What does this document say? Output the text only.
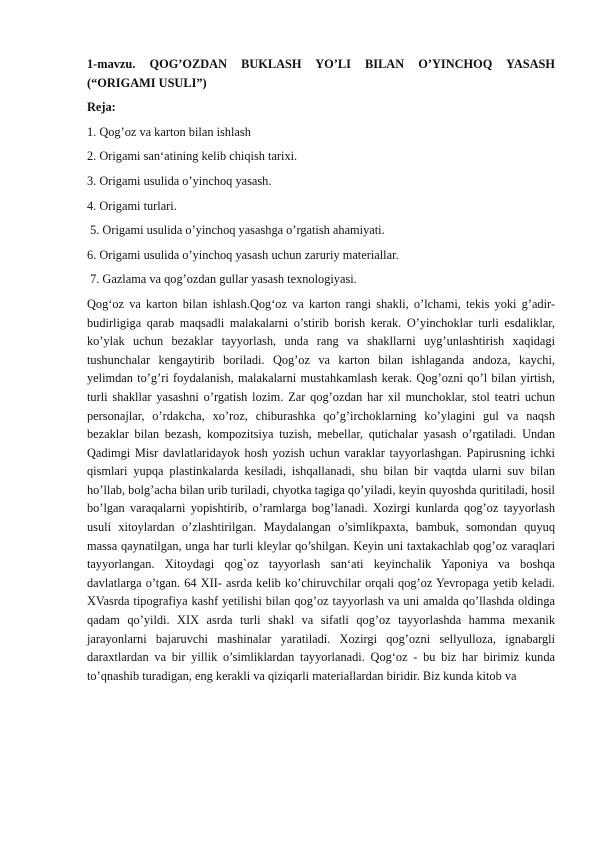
1-mavzu. QOG’OZDAN BUKLASH YO’LI BILAN O’YINCHOQ YASASH (“ORIGAMI USULI”)

Reja:

1. Qog’oz va karton bilan ishlash

2. Origami san‘atining kelib chiqish tarixi.

3. Origami usulida o’yinchoq yasash.

4. Origami turlari.

5. Origami usulida o’yinchoq yasashga o’rgatish ahamiyati.

6. Origami usulida o’yinchoq yasash uchun zaruriy materiallar.

7. Gazlama va qog’ozdan gullar yasash texnologiyasi.

Qog‘oz va karton bilan ishlash.Qog‘oz va karton rangi shakli, o’lchami, tekis yoki g’adir-budirligiga qarab maqsadli malakalarni o’stirib borish kerak. O’yinchoklar turli esdaliklar, ko’ylak uchun bezaklar tayyorlash, unda rang va shakllarni uyg’unlashtirish xaqidagi tushunchalar kengaytirib boriladi. Qog’oz va karton bilan ishlaganda andoza, kaychi, yelimdan to’g’ri foydalanish, malakalarni mustahkamlash kerak. Qog’ozni qo’l bilan yirtish, turli shakllar yasashni o’rgatish lozim. Zar qog’ozdan har xil munchoklar, stol teatri uchun personajlar, o’rdakcha, xo’roz, chiburashka qo’g’irchoklarning ko’ylagini gul va naqsh bezaklar bilan bezash, kompozitsiya tuzish, mebellar, qutichalar yasash o’rgatiladi. Undan Qadimgi Misr davlatlaridayok hosh yozish uchun varaklar tayyorlashgan. Papirusning ichki qismlari yupqa plastinkalarda kesiladi, ishqallanadi, shu bilan bir vaqtda ularni suv bilan ho’llab, bolg’acha bilan urib turiladi, chyotka tagiga qo’yiladi, keyin quyoshda quritiladi, hosil bo’lgan varaqalarni yopishtirib, o’ramlarga bog’lanadi. Xozirgi kunlarda qog’oz tayyorlash usuli xitoylardan o’zlashtirilgan. Maydalangan o’simlikpaxta, bambuk, somondan quyuq massa qaynatilgan, unga har turli kleylar qo’shilgan. Keyin uni taxtakachlab qog’oz varaqlari tayyorlangan. Xitoydagi qog`oz tayyorlash san‘ati keyinchalik Yaponiya va boshqa davlatlarga o’tgan. 64 XII- asrda kelib ko’chiruvchilar orqali qog’oz Yevropaga yetib keladi. XVasrda tipografiya kashf yetilishi bilan qog’oz tayyorlash va uni amalda qo’llashda oldinga qadam qo’yildi. XIX asrda turli shakl va sifatli qog’oz tayyorlashda hamma mexanik jarayonlarni bajaruvchi mashinalar yaratiladi. Xozirgi qog’ozni sellyulloza, ignabargli daraxtlardan va bir yillik o’simliklardan tayyorlanadi. Qog‘oz - bu biz har birimiz kunda to’qnashib turadigan, eng kerakli va qiziqarli materiallardan biridir. Biz kunda kitob va
